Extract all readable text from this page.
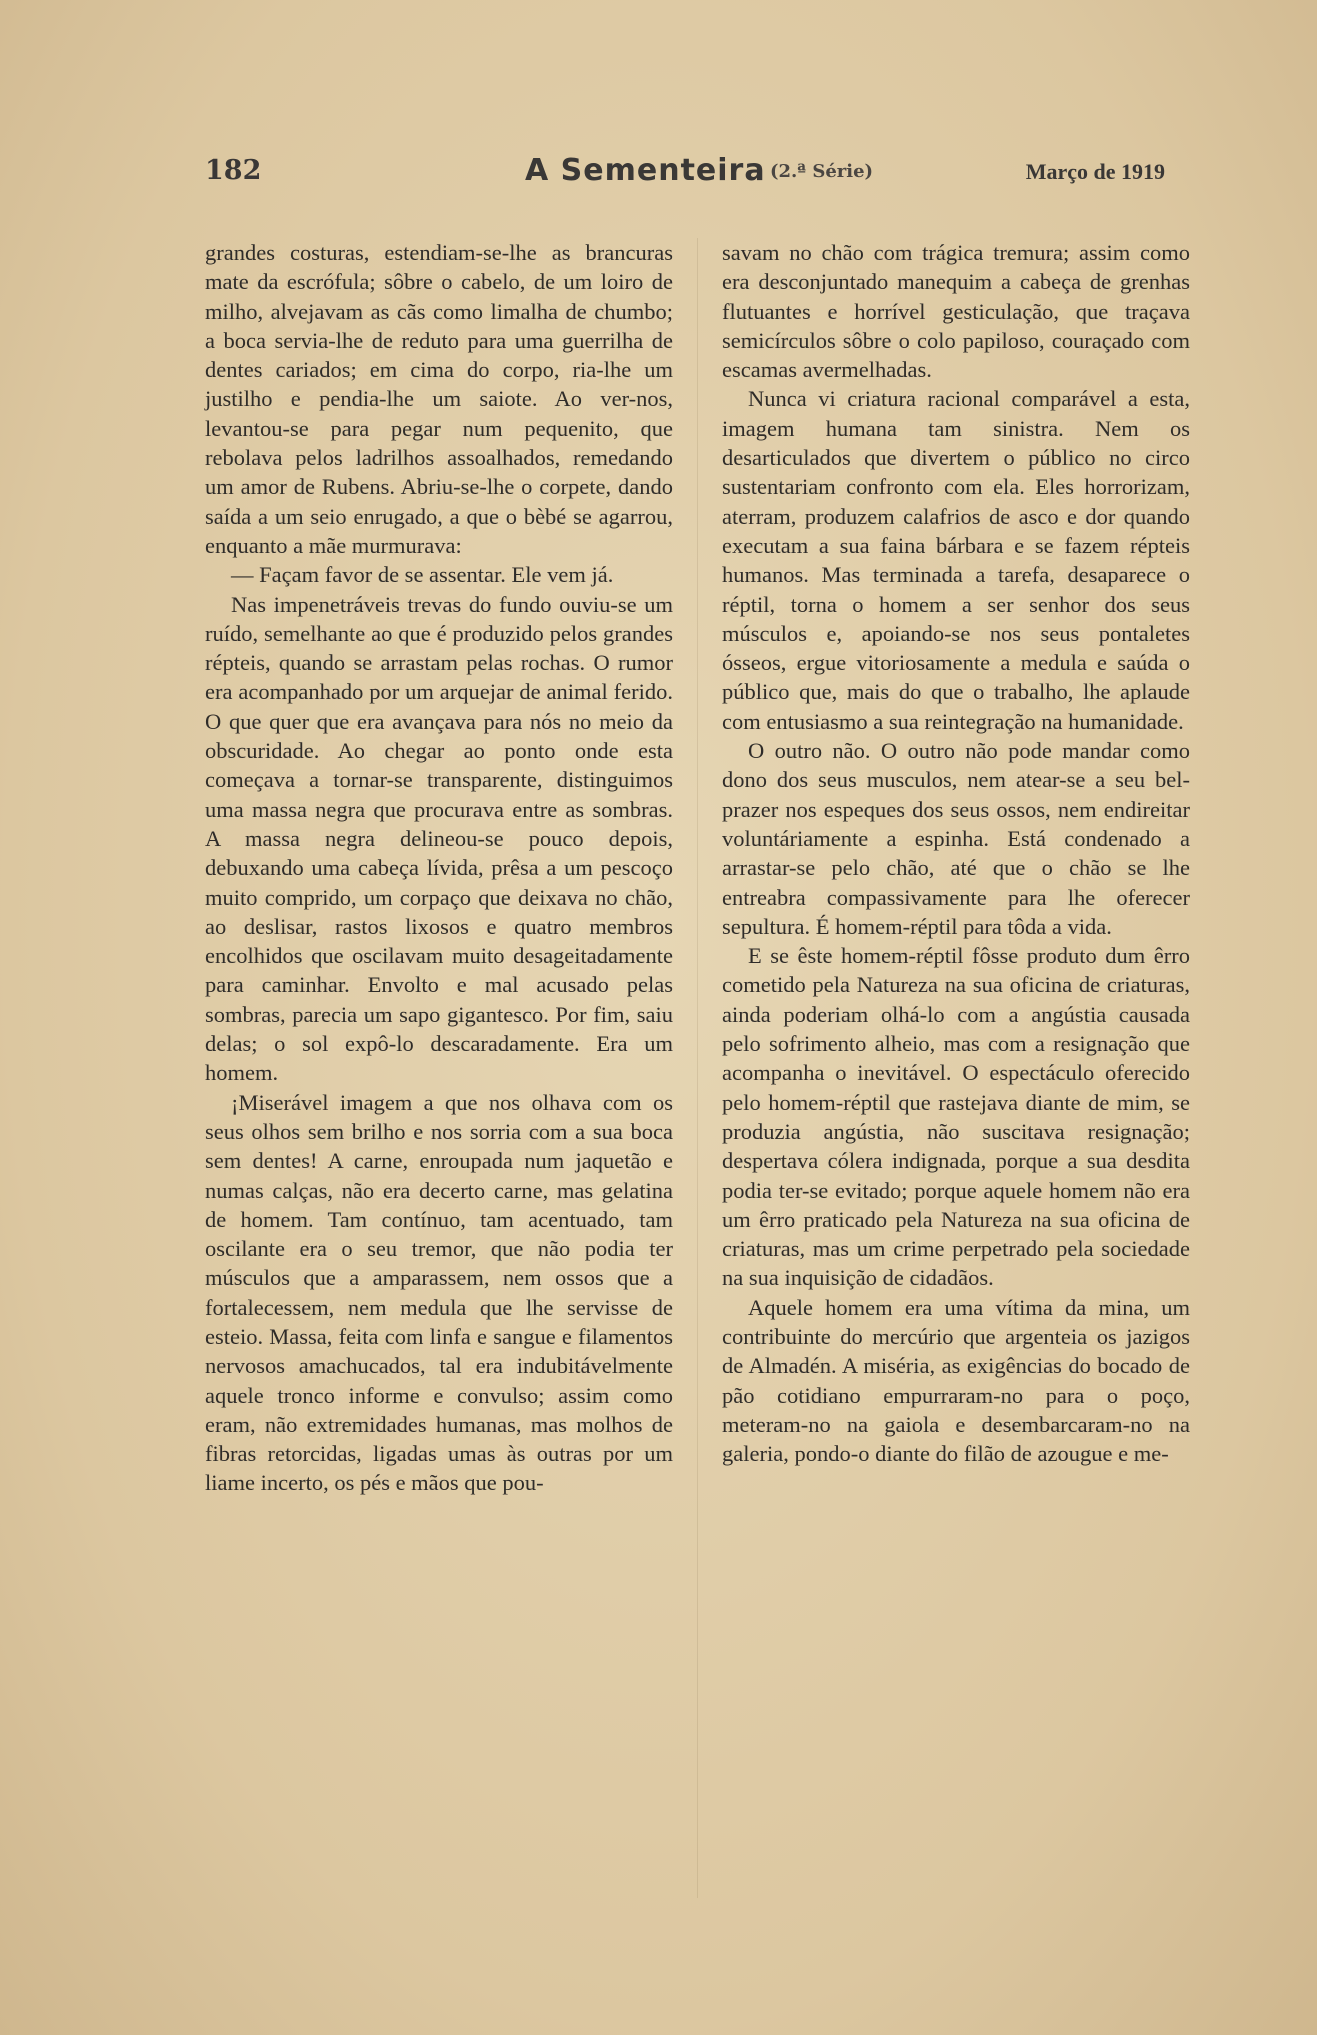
182	A Sementeira (2.ª Série)	Março de 1919

grandes costuras, estendiam-se-lhe as brancuras mate da escrófula; sôbre o cabelo, de um loiro de milho, alvejavam as cãs como limalha de chumbo; a boca servia-lhe de reduto para uma guerrilha de dentes cariados; em cima do corpo, ria-lhe um justilho e pendia-lhe um saiote. Ao ver-nos, levantou-se para pegar num pequenito, que rebolava pelos ladrilhos assoalhados, remedando um amor de Rubens. Abriu-se-lhe o corpete, dando saída a um seio enrugado, a que o bèbé se agarrou, enquanto a mãe murmurava:

— Façam favor de se assentar. Ele vem já.

Nas impenetráveis trevas do fundo ouviu-se um ruído, semelhante ao que é produzido pelos grandes répteis, quando se arrastam pelas rochas. O rumor era acompanhado por um arquejar de animal ferido. O que quer que era avançava para nós no meio da obscuridade. Ao chegar ao ponto onde esta começava a tornar-se transparente, distinguimos uma massa negra que procurava entre as sombras. A massa negra delineou-se pouco depois, debuxando uma cabeça lívida, prêsa a um pescoço muito comprido, um corpaço que deixava no chão, ao deslisar, rastos lixosos e quatro membros encolhidos que oscilavam muito desageitadamente para caminhar. Envolto e mal acusado pelas sombras, parecia um sapo gigantesco. Por fim, saiu delas; o sol expô-lo descaradamente. Era um homem.

¡Miserável imagem a que nos olhava com os seus olhos sem brilho e nos sorria com a sua boca sem dentes! A carne, enroupada num jaquetão e numas calças, não era decerto carne, mas gelatina de homem. Tam contínuo, tam acentuado, tam oscilante era o seu tremor, que não podia ter músculos que a amparassem, nem ossos que a fortalecessem, nem medula que lhe servisse de esteio. Massa, feita com linfa e sangue e filamentos nervosos amachucados, tal era indubitávelmente aquele tronco informe e convulso; assim como eram, não extremidades humanas, mas molhos de fibras retorcidas, ligadas umas às outras por um liame incerto, os pés e mãos que pou-

savam no chão com trágica tremura; assim como era desconjuntado manequim a cabeça de grenhas flutuantes e horrível gesticulação, que traçava semicírculos sôbre o colo papiloso, couraçado com escamas avermelhadas.

Nunca vi criatura racional comparável a esta, imagem humana tam sinistra. Nem os desarticulados que divertem o público no circo sustentariam confronto com ela. Eles horrorizam, aterram, produzem calafrios de asco e dor quando executam a sua faina bárbara e se fazem répteis humanos. Mas terminada a tarefa, desaparece o réptil, torna o homem a ser senhor dos seus músculos e, apoiando-se nos seus pontaletes ósseos, ergue vitoriosamente a medula e saúda o público que, mais do que o trabalho, lhe aplaude com entusiasmo a sua reintegração na humanidade.

O outro não. O outro não pode mandar como dono dos seus musculos, nem atear-se a seu bel-prazer nos espeques dos seus ossos, nem endireitar voluntáriamente a espinha. Está condenado a arrastar-se pelo chão, até que o chão se lhe entreabra compassivamente para lhe oferecer sepultura. É homem-réptil para tôda a vida.

E se êste homem-réptil fôsse produto dum êrro cometido pela Natureza na sua oficina de criaturas, ainda poderiam olhá-lo com a angústia causada pelo sofrimento alheio, mas com a resignação que acompanha o inevitável. O espectáculo oferecido pelo homem-réptil que rastejava diante de mim, se produzia angústia, não suscitava resignação; despertava cólera indignada, porque a sua desdita podia ter-se evitado; porque aquele homem não era um êrro praticado pela Natureza na sua oficina de criaturas, mas um crime perpetrado pela sociedade na sua inquisição de cidadãos.

Aquele homem era uma vítima da mina, um contribuinte do mercúrio que argenteia os jazigos de Almadén. A miséria, as exigências do bocado de pão cotidiano empurraram-no para o poço, meteram-no na gaiola e desembarcaram-no na galeria, pondo-o diante do filão de azougue e me-
